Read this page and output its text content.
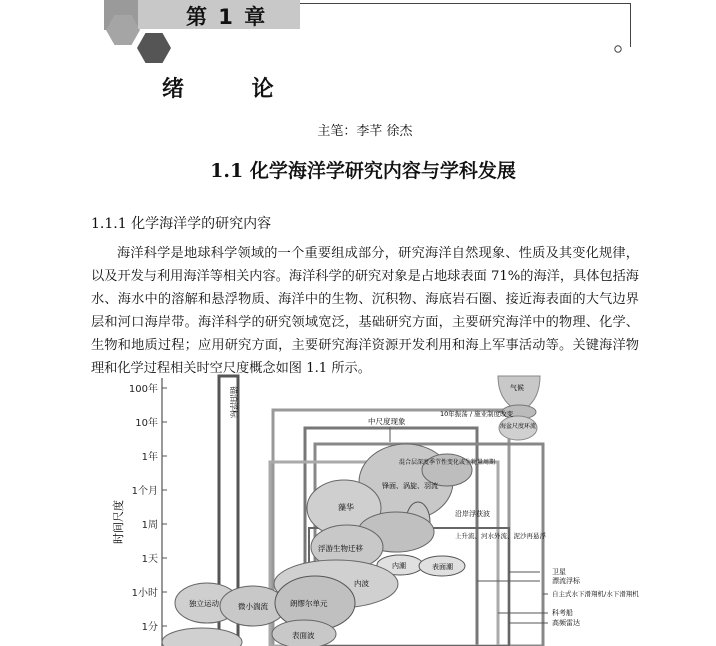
第 1 章
绪 论
主笔：李芊 徐杰
1.1 化学海洋学研究内容与学科发展
1.1.1 化学海洋学的研究内容

海洋科学是地球科学领域的一个重要组成部分，研究海洋自然现象、性质及其变化规律，以及开发与利用海洋等相关内容。海洋科学的研究对象是占地球表面 71%的海洋，具体包括海水、海水中的溶解和悬浮物质、海洋中的生物、沉积物、海底岩石圈、接近海表面的大气边界层和河口海岸带。海洋科学的研究领域宽泛，基础研究方面，主要研究海洋中的物理、化学、生物和地质过程；应用研究方面，主要研究海洋资源开发利用和海上军事活动等。关键海洋物理和化学过程相关时空尺度概念如图 1.1 所示。

时间尺度
100年
10年
1年
1个月
1周
1天
1小时
1分
锚泊浮标	气候
海盆尺度环流
10年振荡 / 施业制度改变
中尺度现象
混合层深度季节性变化或生物量周期
锋面、涡旋、羽流
藻华
沿岸浮获波
上升流、河水外流、泥沙再悬浮
浮游生物迁移
内潮	表面潮
内波
独立运动	微小湍流	朗缪尔单元
表面波
卫星
漂流浮标
自主式水下滑翔机/水下滑翔机
科考船
高频雷达
